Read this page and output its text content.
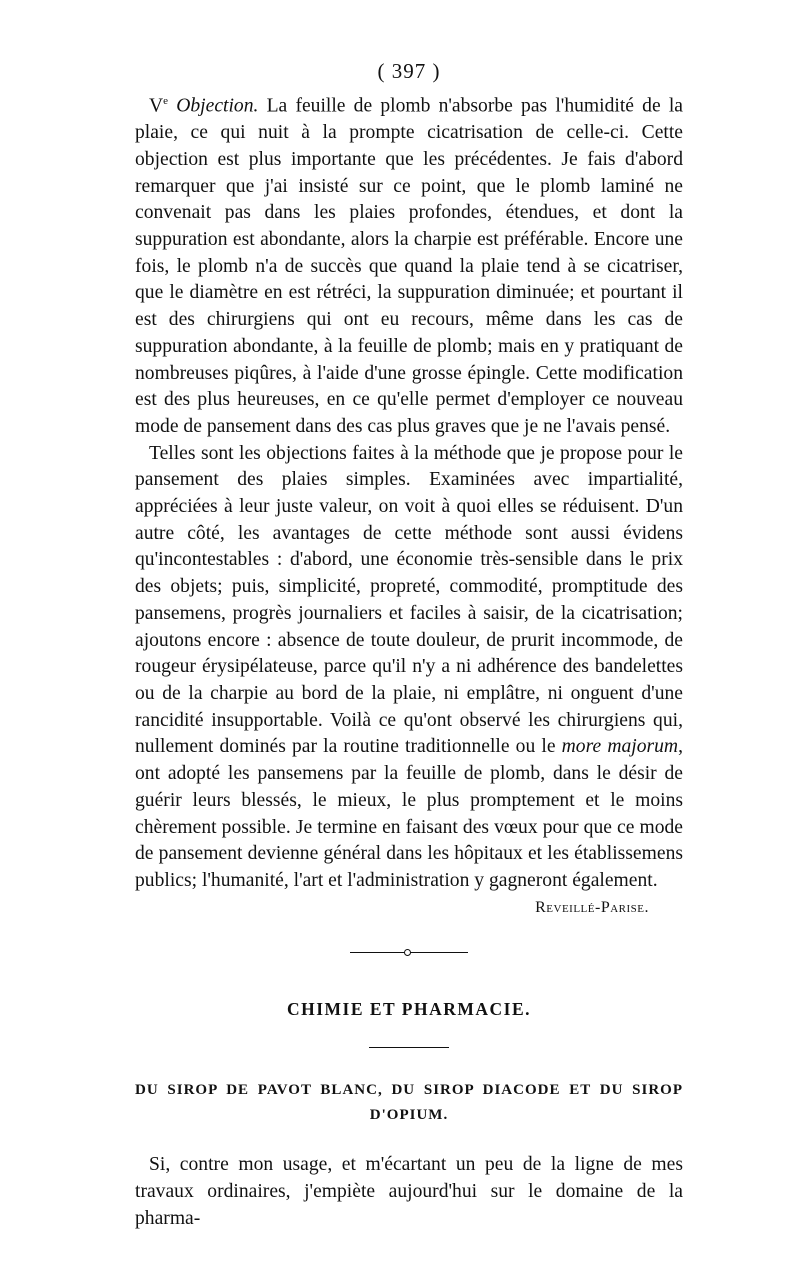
( 397 )

Ve Objection. La feuille de plomb n'absorbe pas l'humidité de la plaie, ce qui nuit à la prompte cicatrisation de celle-ci. Cette objection est plus importante que les précédentes. Je fais d'abord remarquer que j'ai insisté sur ce point, que le plomb laminé ne convenait pas dans les plaies profondes, étendues, et dont la suppuration est abondante, alors la charpie est préférable. Encore une fois, le plomb n'a de succès que quand la plaie tend à se cicatriser, que le diamètre en est rétréci, la suppuration diminuée; et pourtant il est des chirurgiens qui ont eu recours, même dans les cas de suppuration abondante, à la feuille de plomb; mais en y pratiquant de nombreuses piqûres, à l'aide d'une grosse épingle. Cette modification est des plus heureuses, en ce qu'elle permet d'employer ce nouveau mode de pansement dans des cas plus graves que je ne l'avais pensé.

Telles sont les objections faites à la méthode que je propose pour le pansement des plaies simples. Examinées avec impartialité, appréciées à leur juste valeur, on voit à quoi elles se réduisent. D'un autre côté, les avantages de cette méthode sont aussi évidens qu'incontestables : d'abord, une économie très-sensible dans le prix des objets; puis, simplicité, propreté, commodité, promptitude des pansemens, progrès journaliers et faciles à saisir, de la cicatrisation; ajoutons encore : absence de toute douleur, de prurit incommode, de rougeur érysipélateuse, parce qu'il n'y a ni adhérence des bandelettes ou de la charpie au bord de la plaie, ni emplâtre, ni onguent d'une rancidité insupportable. Voilà ce qu'ont observé les chirurgiens qui, nullement dominés par la routine traditionnelle ou le more majorum, ont adopté les pansemens par la feuille de plomb, dans le désir de guérir leurs blessés, le mieux, le plus promptement et le moins chèrement possible. Je termine en faisant des vœux pour que ce mode de pansement devienne général dans les hôpitaux et les établissemens publics; l'humanité, l'art et l'administration y gagneront également.

Reveillé-Parise.
CHIMIE ET PHARMACIE.
DU SIROP DE PAVOT BLANC, DU SIROP DIACODE ET DU SIROP
D'OPIUM.

Si, contre mon usage, et m'écartant un peu de la ligne de mes travaux ordinaires, j'empiète aujourd'hui sur le domaine de la pharma-
